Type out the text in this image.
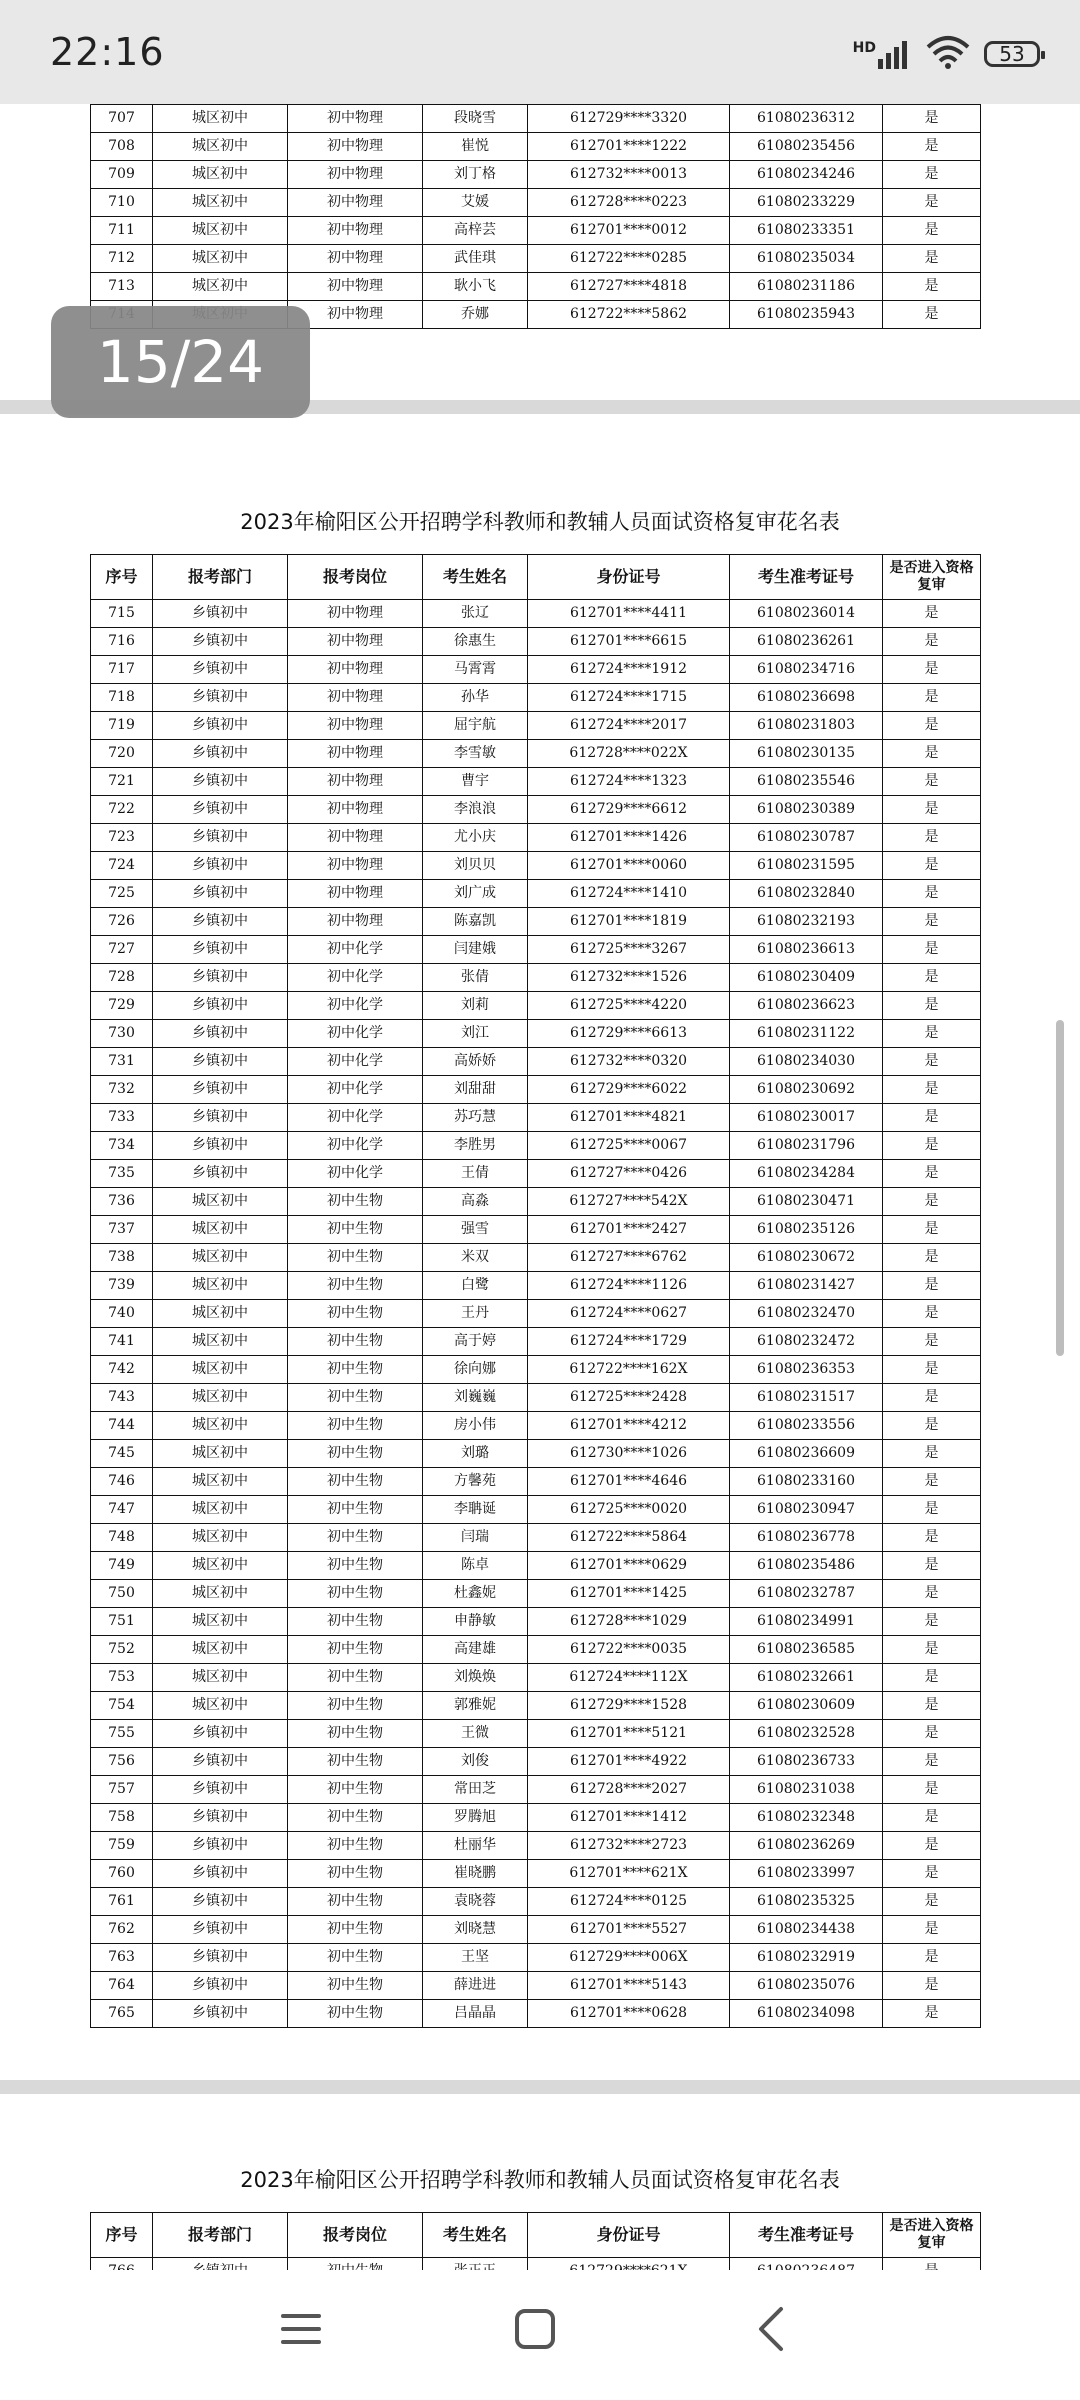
22:16	HD	53
707	城区初中	初中物理	段晓雪	612729****3320	61080236312	是
708	城区初中	初中物理	崔悦	612701****1222	61080235456	是
709	城区初中	初中物理	刘丁格	612732****0013	61080234246	是
710	城区初中	初中物理	艾媛	612728****0223	61080233229	是
711	城区初中	初中物理	高梓芸	612701****0012	61080233351	是
712	城区初中	初中物理	武佳琪	612722****0285	61080235034	是
713	城区初中	初中物理	耿小飞	612727****4818	61080231186	是
		初中物理	乔娜	612722****5862	61080235943	是
2023年榆阳区公开招聘学科教师和教辅人员面试资格复审花名表
序号	报考部门	报考岗位	考生姓名	身份证号	考生准考证号	是否进入资格复审
715	乡镇初中	初中物理	张辽	612701****4411	61080236014	是
716	乡镇初中	初中物理	徐惠生	612701****6615	61080236261	是
717	乡镇初中	初中物理	马霄霄	612724****1912	61080234716	是
718	乡镇初中	初中物理	孙华	612724****1715	61080236698	是
719	乡镇初中	初中物理	屈宇航	612724****2017	61080231803	是
720	乡镇初中	初中物理	李雪敏	612728****022X	61080230135	是
721	乡镇初中	初中物理	曹宇	612724****1323	61080235546	是
722	乡镇初中	初中物理	李浪浪	612729****6612	61080230389	是
723	乡镇初中	初中物理	尤小庆	612701****1426	61080230787	是
724	乡镇初中	初中物理	刘贝贝	612701****0060	61080231595	是
725	乡镇初中	初中物理	刘广成	612724****1410	61080232840	是
726	乡镇初中	初中物理	陈嘉凯	612701****1819	61080232193	是
727	乡镇初中	初中化学	闫建娥	612725****3267	61080236613	是
728	乡镇初中	初中化学	张倩	612732****1526	61080230409	是
729	乡镇初中	初中化学	刘莉	612725****4220	61080236623	是
730	乡镇初中	初中化学	刘江	612729****6613	61080231122	是
731	乡镇初中	初中化学	高娇娇	612732****0320	61080234030	是
732	乡镇初中	初中化学	刘甜甜	612729****6022	61080230692	是
733	乡镇初中	初中化学	苏巧慧	612701****4821	61080230017	是
734	乡镇初中	初中化学	李胜男	612725****0067	61080231796	是
735	乡镇初中	初中化学	王倩	612727****0426	61080234284	是
736	城区初中	初中生物	高淼	612727****542X	61080230471	是
737	城区初中	初中生物	强雪	612701****2427	61080235126	是
738	城区初中	初中生物	米双	612727****6762	61080230672	是
739	城区初中	初中生物	白鹭	612724****1126	61080231427	是
740	城区初中	初中生物	王丹	612724****0627	61080232470	是
741	城区初中	初中生物	高于婷	612724****1729	61080232472	是
742	城区初中	初中生物	徐向娜	612722****162X	61080236353	是
743	城区初中	初中生物	刘巍巍	612725****2428	61080231517	是
744	城区初中	初中生物	房小伟	612701****4212	61080233556	是
745	城区初中	初中生物	刘璐	612730****1026	61080236609	是
746	城区初中	初中生物	方馨苑	612701****4646	61080233160	是
747	城区初中	初中生物	李聃诞	612725****0020	61080230947	是
748	城区初中	初中生物	闫瑞	612722****5864	61080236778	是
749	城区初中	初中生物	陈卓	612701****0629	61080235486	是
750	城区初中	初中生物	杜鑫妮	612701****1425	61080232787	是
751	城区初中	初中生物	申静敏	612728****1029	61080234991	是
752	城区初中	初中生物	高建雄	612722****0035	61080236585	是
753	城区初中	初中生物	刘焕焕	612724****112X	61080232661	是
754	城区初中	初中生物	郭雅妮	612729****1528	61080230609	是
755	乡镇初中	初中生物	王微	612701****5121	61080232528	是
756	乡镇初中	初中生物	刘俊	612701****4922	61080236733	是
757	乡镇初中	初中生物	常田芝	612728****2027	61080231038	是
758	乡镇初中	初中生物	罗腾旭	612701****1412	61080232348	是
759	乡镇初中	初中生物	杜丽华	612732****2723	61080236269	是
760	乡镇初中	初中生物	崔晓鹏	612701****621X	61080233997	是
761	乡镇初中	初中生物	袁晓蓉	612724****0125	61080235325	是
762	乡镇初中	初中生物	刘晓慧	612701****5527	61080234438	是
763	乡镇初中	初中生物	王坚	612729****006X	61080232919	是
764	乡镇初中	初中生物	薛进进	612701****5143	61080235076	是
765	乡镇初中	初中生物	吕晶晶	612701****0628	61080234098	是
2023年榆阳区公开招聘学科教师和教辅人员面试资格复审花名表
序号	报考部门	报考岗位	考生姓名	身份证号	考生准考证号	是否进入资格复审

15/24
